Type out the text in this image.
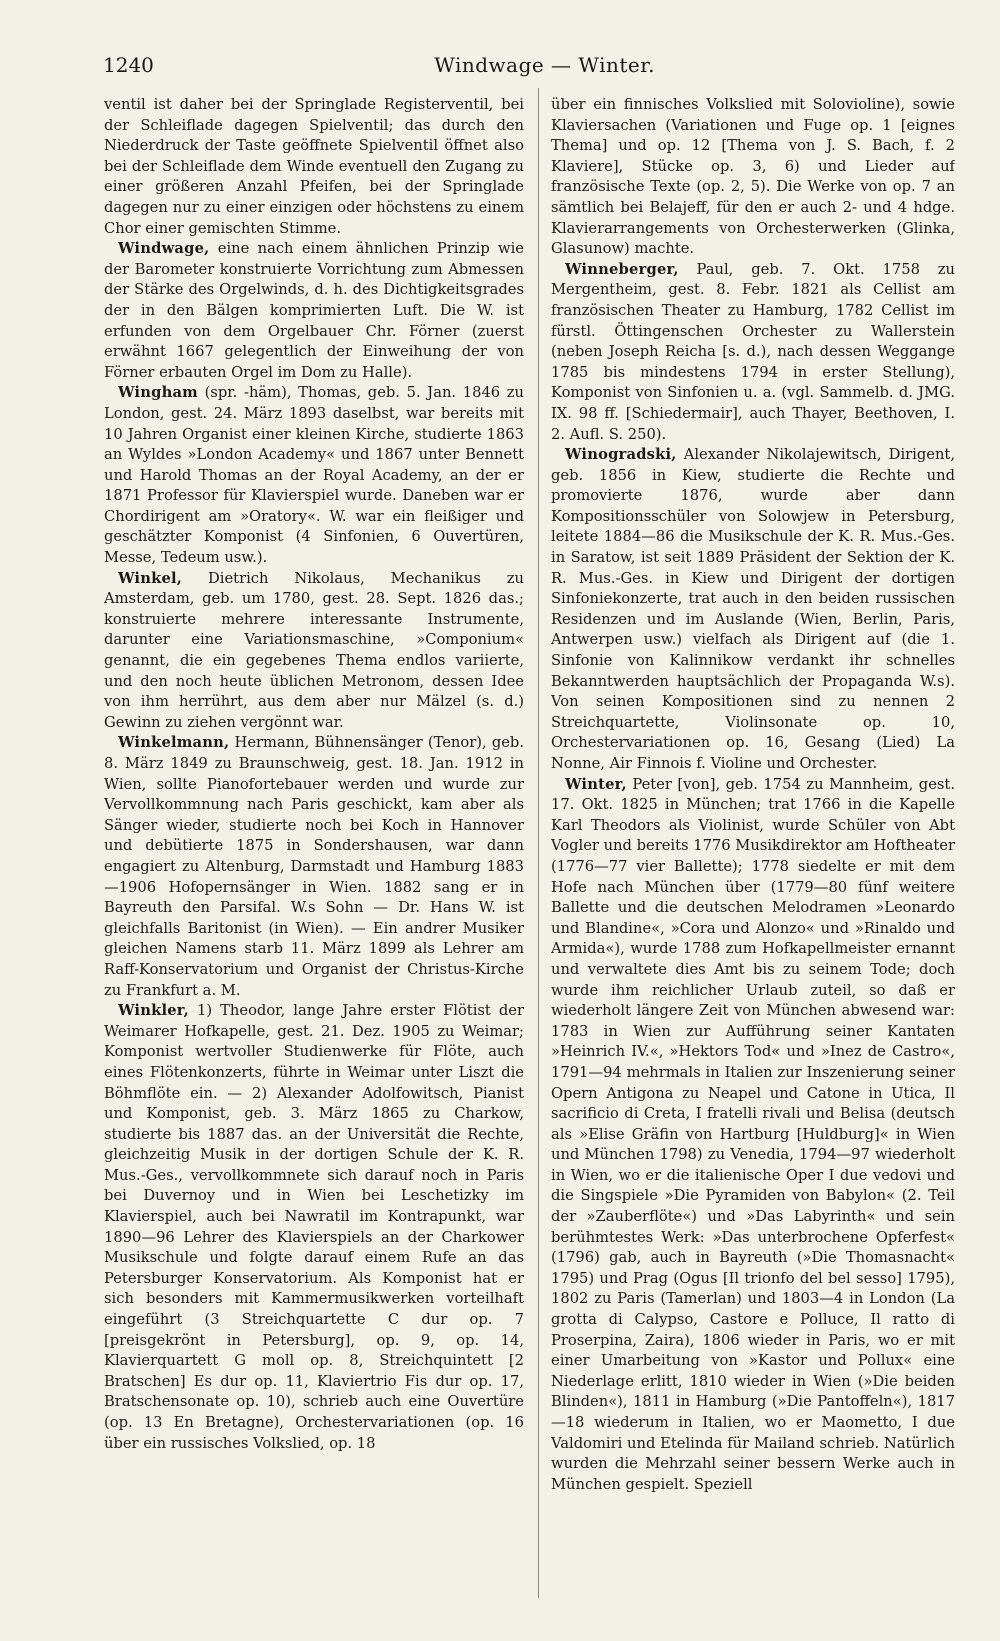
1240	Windwage — Winter.

ventil ist daher bei der Springlade Registerventil, bei der Schleiflade dagegen Spielventil; das durch den Niederdruck der Taste geöffnete Spielventil öffnet also bei der Schleiflade dem Winde eventuell den Zugang zu einer größeren Anzahl Pfeifen, bei der Springlade dagegen nur zu einer einzigen oder höchstens zu einem Chor einer gemischten Stimme.

Windwage, eine nach einem ähnlichen Prinzip wie der Barometer konstruierte Vorrichtung zum Abmessen der Stärke des Orgelwinds, d. h. des Dichtigkeitsgrades der in den Bälgen komprimierten Luft. Die W. ist erfunden von dem Orgelbauer Chr. Förner (zuerst erwähnt 1667 gelegentlich der Einweihung der von Förner erbauten Orgel im Dom zu Halle).

Wingham (spr. -häm), Thomas, geb. 5. Jan. 1846 zu London, gest. 24. März 1893 daselbst, war bereits mit 10 Jahren Organist einer kleinen Kirche, studierte 1863 an Wyldes »London Academy« und 1867 unter Bennett und Harold Thomas an der Royal Academy, an der er 1871 Professor für Klavierspiel wurde. Daneben war er Chordirigent am »Oratory«. W. war ein fleißiger und geschätzter Komponist (4 Sinfonien, 6 Ouvertüren, Messe, Tedeum usw.).

Winkel, Dietrich Nikolaus, Mechanikus zu Amsterdam, geb. um 1780, gest. 28. Sept. 1826 das.; konstruierte mehrere interessante Instrumente, darunter eine Variationsmaschine, »Componium« genannt, die ein gegebenes Thema endlos variierte, und den noch heute üblichen Metronom, dessen Idee von ihm herrührt, aus dem aber nur Mälzel (s. d.) Gewinn zu ziehen vergönnt war.

Winkelmann, Hermann, Bühnensänger (Tenor), geb. 8. März 1849 zu Braunschweig, gest. 18. Jan. 1912 in Wien, sollte Pianofortebauer werden und wurde zur Vervollkommnung nach Paris geschickt, kam aber als Sänger wieder, studierte noch bei Koch in Hannover und debütierte 1875 in Sondershausen, war dann engagiert zu Altenburg, Darmstadt und Hamburg 1883—1906 Hofopernsänger in Wien. 1882 sang er in Bayreuth den Parsifal. W.s Sohn — Dr. Hans W. ist gleichfalls Baritonist (in Wien). — Ein andrer Musiker gleichen Namens starb 11. März 1899 als Lehrer am Raff-Konservatorium und Organist der Christus-Kirche zu Frankfurt a. M.

Winkler, 1) Theodor, lange Jahre erster Flötist der Weimarer Hofkapelle, gest. 21. Dez. 1905 zu Weimar; Komponist wertvoller Studienwerke für Flöte, auch eines Flötenkonzerts, führte in Weimar unter Liszt die Böhmflöte ein. — 2) Alexander Adolfowitsch, Pianist und Komponist, geb. 3. März 1865 zu Charkow, studierte bis 1887 das. an der Universität die Rechte, gleichzeitig Musik in der dortigen Schule der K. R. Mus.-Ges., vervollkommnete sich darauf noch in Paris bei Duvernoy und in Wien bei Leschetizky im Klavierspiel, auch bei Nawratil im Kontrapunkt, war 1890—96 Lehrer des Klavierspiels an der Charkower Musikschule und folgte darauf einem Rufe an das Petersburger Konservatorium. Als Komponist hat er sich besonders mit Kammermusikwerken vorteilhaft eingeführt (3 Streichquartette C dur op. 7 [preisgekrönt in Petersburg], op. 9, op. 14, Klavierquartett G moll op. 8, Streichquintett [2 Bratschen] Es dur op. 11, Klaviertrio Fis dur op. 17, Bratschensonate op. 10), schrieb auch eine Ouvertüre (op. 13 En Bretagne), Orchestervariationen (op. 16 über ein russisches Volkslied, op. 18

über ein finnisches Volkslied mit Soloviolinе), sowie Klaviersachen (Variationen und Fuge op. 1 [eignes Thema] und op. 12 [Thema von J. S. Bach, f. 2 Klaviere], Stücke op. 3, 6) und Lieder auf französische Texte (op. 2, 5). Die Werke von op. 7 an sämtlich bei Belajeff, für den er auch 2- und 4 hdge. Klavierarrangements von Orchesterwerken (Glinka, Glasunow) machte.

Winneberger, Paul, geb. 7. Okt. 1758 zu Mergentheim, gest. 8. Febr. 1821 als Cellist am französischen Theater zu Hamburg, 1782 Cellist im fürstl. Öttingenschen Orchester zu Wallerstein (neben Joseph Reicha [s. d.), nach dessen Weggange 1785 bis mindestens 1794 in erster Stellung), Komponist von Sinfonien u. a. (vgl. Sammelb. d. JMG. IX. 98 ff. [Schiedermair], auch Thayer, Beethoven, I. 2. Aufl. S. 250).

Winogradski, Alexander Nikolajewitsch, Dirigent, geb. 1856 in Kiew, studierte die Rechte und promovierte 1876, wurde aber dann Kompositionsschüler von Solowjew in Petersburg, leitete 1884—86 die Musikschule der K. R. Mus.-Ges. in Saratow, ist seit 1889 Präsident der Sektion der K. R. Mus.-Ges. in Kiew und Dirigent der dortigen Sinfoniekonzerte, trat auch in den beiden russischen Residenzen und im Auslande (Wien, Berlin, Paris, Antwerpen usw.) vielfach als Dirigent auf (die 1. Sinfonie von Kalinnikow verdankt ihr schnelles Bekanntwerden hauptsächlich der Propaganda W.s). Von seinen Kompositionen sind zu nennen 2 Streichquartette, Violinsonate op. 10, Orchestervariationen op. 16, Gesang (Lied) La Nonne, Air Finnois f. Violine und Orchester.

Winter, Peter [von], geb. 1754 zu Mannheim, gest. 17. Okt. 1825 in München; trat 1766 in die Kapelle Karl Theodors als Violinist, wurde Schüler von Abt Vogler und bereits 1776 Musikdirektor am Hoftheater (1776—77 vier Ballette); 1778 siedelte er mit dem Hofe nach München über (1779—80 fünf weitere Ballette und die deutschen Melodramen »Leonardo und Blandine«, »Cora und Alonzo« und »Rinaldo und Armida«), wurde 1788 zum Hofkapellmeister ernannt und verwaltete dies Amt bis zu seinem Tode; doch wurde ihm reichlicher Urlaub zuteil, so daß er wiederholt längere Zeit von München abwesend war: 1783 in Wien zur Aufführung seiner Kantaten »Heinrich IV.«, »Hektors Tod« und »Inez de Castro«, 1791—94 mehrmals in Italien zur Inszenierung seiner Opern Antigona zu Neapel und Catone in Utica, Il sacrificio di Creta, I fratelli rivali und Belisa (deutsch als »Elise Gräfin von Hartburg [Huldburg]« in Wien und München 1798) zu Venedia, 1794—97 wiederholt in Wien, wo er die italienische Oper I due vedovi und die Singspiele »Die Pyramiden von Babylon« (2. Teil der »Zauberflöte«) und »Das Labyrinth« und sein berühmtestes Werk: »Das unterbrochene Opferfest« (1796) gab, auch in Bayreuth (»Die Thomasnacht« 1795) und Prag (Ogus [Il trionfo del bel sesso] 1795), 1802 zu Paris (Tamerlan) und 1803—4 in London (La grotta di Calypso, Castore e Polluce, Il ratto di Proserpina, Zaira), 1806 wieder in Paris, wo er mit einer Umarbeitung von »Kastor und Pollux« eine Niederlage erlitt, 1810 wieder in Wien (»Die beiden Blinden«), 1811 in Hamburg (»Die Pantoffeln«), 1817—18 wiederum in Italien, wo er Maometto, I due Valdomiri und Etelinda für Mailand schrieb. Natürlich wurden die Mehrzahl seiner bessern Werke auch in München gespielt. Speziell
